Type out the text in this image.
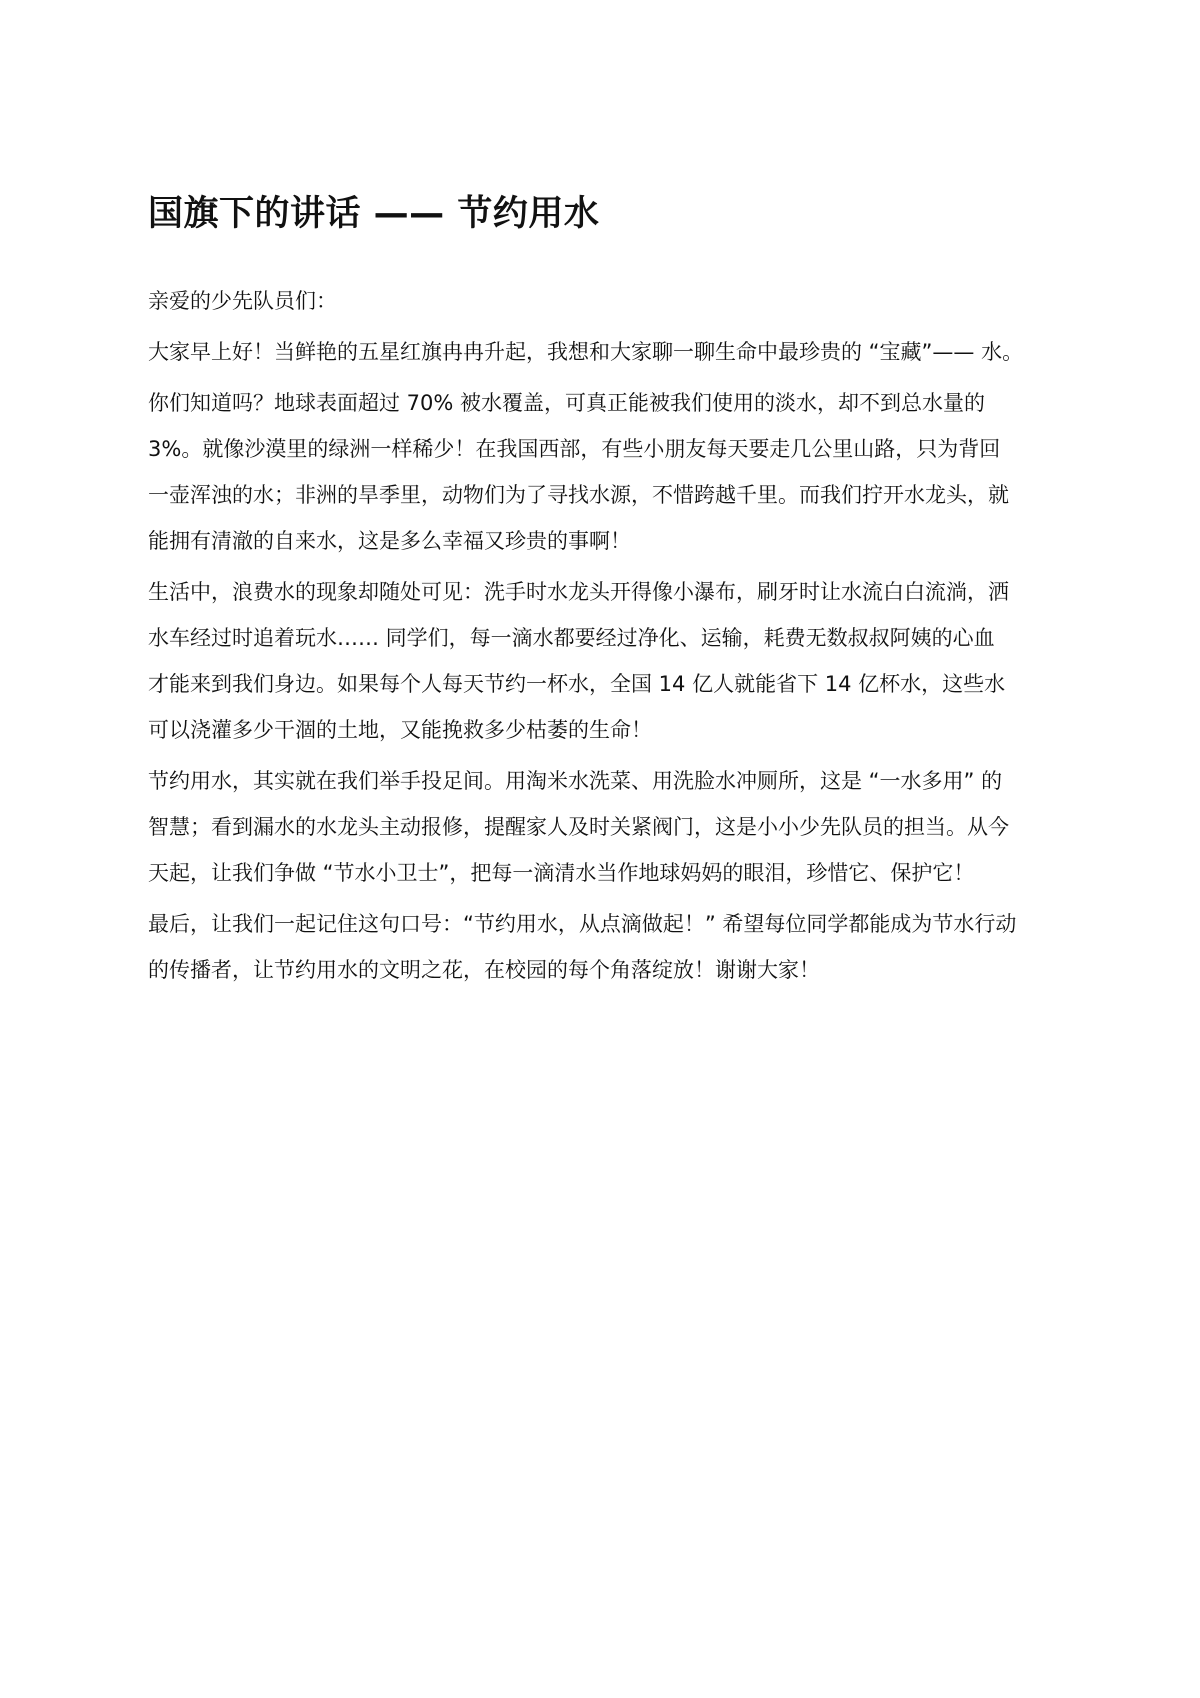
国旗下的讲话 —— 节约用水

亲爱的少先队员们：

大家早上好！当鲜艳的五星红旗冉冉升起，我想和大家聊一聊生命中最珍贵的 “宝藏”—— 水。

你们知道吗？地球表面超过 70% 被水覆盖，可真正能被我们使用的淡水，却不到总水量的
3%。就像沙漠里的绿洲一样稀少！在我国西部，有些小朋友每天要走几公里山路，只为背回
一壶浑浊的水；非洲的旱季里，动物们为了寻找水源，不惜跨越千里。而我们拧开水龙头，就
能拥有清澈的自来水，这是多么幸福又珍贵的事啊！

生活中，浪费水的现象却随处可见：洗手时水龙头开得像小瀑布，刷牙时让水流白白流淌，洒
水车经过时追着玩水…… 同学们，每一滴水都要经过净化、运输，耗费无数叔叔阿姨的心血
才能来到我们身边。如果每个人每天节约一杯水，全国 14 亿人就能省下 14 亿杯水，这些水
可以浇灌多少干涸的土地，又能挽救多少枯萎的生命！

节约用水，其实就在我们举手投足间。用淘米水洗菜、用洗脸水冲厕所，这是 “一水多用” 的
智慧；看到漏水的水龙头主动报修，提醒家人及时关紧阀门，这是小小少先队员的担当。从今
天起，让我们争做 “节水小卫士”，把每一滴清水当作地球妈妈的眼泪，珍惜它、保护它！

最后，让我们一起记住这句口号：“节约用水，从点滴做起！” 希望每位同学都能成为节水行动
的传播者，让节约用水的文明之花，在校园的每个角落绽放！谢谢大家！
